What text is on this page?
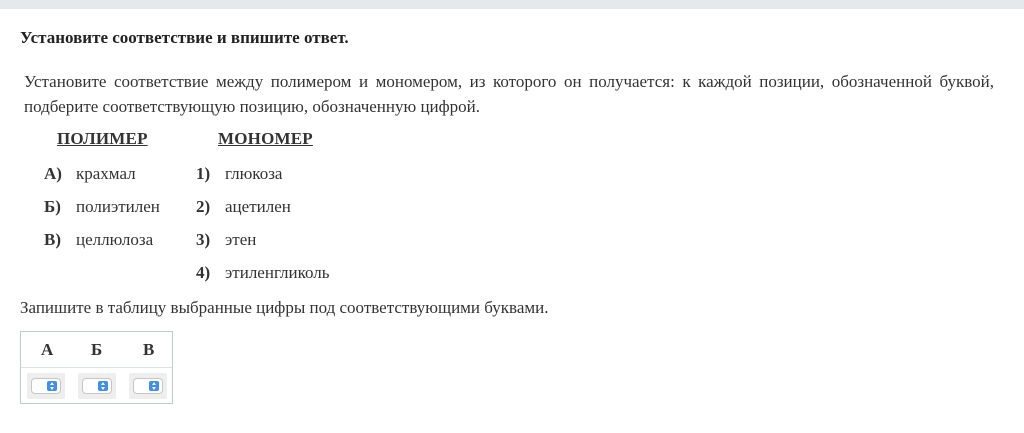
Установите соответствие и впишите ответ.
Установите соответствие между полимером и мономером, из которого он получается: к каждой позиции, обозначенной буквой, подберите соответствующую позицию, обозначенную цифрой.
ПОЛИМЕР	МОНОМЕР
А) крахмал
Б) полиэтилен
В) целлюлоза
1) глюкоза
2) ацетилен
3) этен
4) этиленгликоль
Запишите в таблицу выбранные цифры под соответствующими буквами.
А Б В
